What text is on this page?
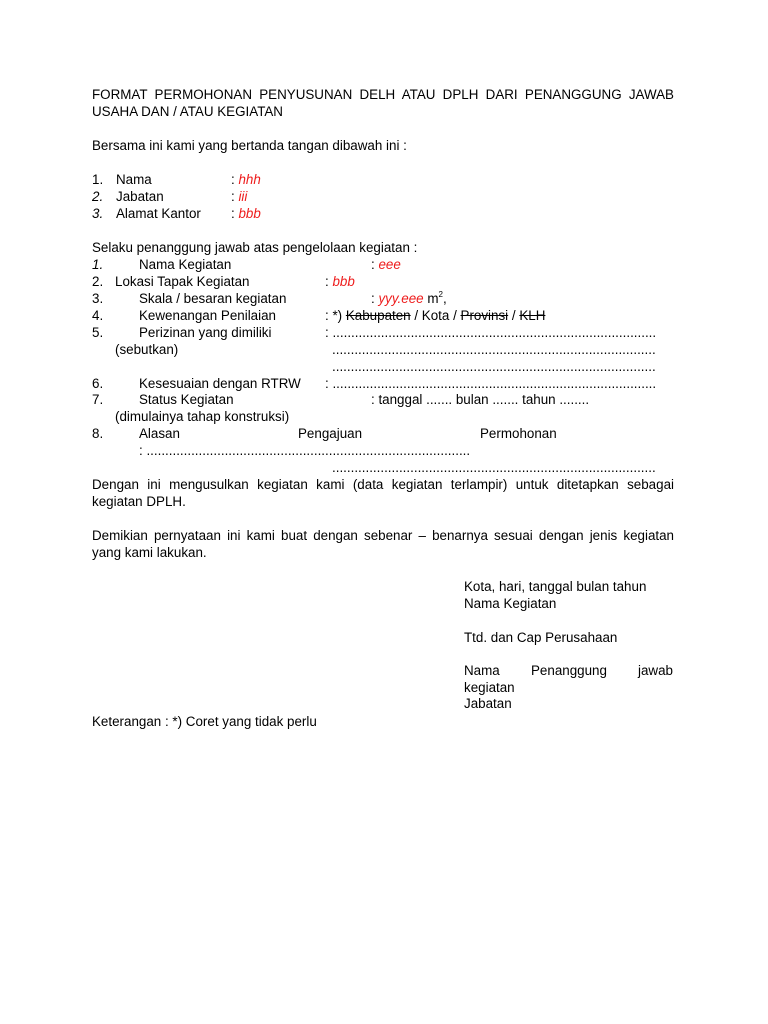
FORMAT PERMOHONAN PENYUSUNAN DELH ATAU DPLH DARI PENANGGUNG JAWAB
USAHA DAN / ATAU KEGIATAN
Bersama ini kami yang bertanda tangan dibawah ini :
1. Nama	: hhh
2. Jabatan	: iii
3. Alamat Kantor : bbb
Selaku penanggung jawab atas pengelolaan kegiatan :
1.	Nama Kegiatan	: eee
2. Lokasi Tapak Kegiatan	: bbb
3.	Skala / besaran kegiatan	: yyy.eee $m^2$,
4.	Kewenangan Penilaian	: *) Kabupaten / Kota / Provinsi / KLH
5.	Perizinan yang dimiliki	: .......................................................................................
(sebutkan)	.......................................................................................
.......................................................................................
6.	Kesesuaian dengan RTRW : .......................................................................................
7.	Status Kegiatan	: tanggal ....... bulan ....... tahun ........
(dimulainya tahap konstruksi)
8.	Alasan	Pengajuan	Permohonan
: .......................................................................................
.......................................................................................
Dengan ini mengusulkan kegiatan kami (data kegiatan terlampir) untuk ditetapkan sebagai
kegiatan DPLH.
Demikian pernyataan ini kami buat dengan sebenar – benarnya sesuai dengan jenis kegiatan
yang kami lakukan.
Kota, hari, tanggal bulan tahun
Nama Kegiatan
Ttd. dan Cap Perusahaan
Nama Penanggung jawab
kegiatan
Jabatan
Keterangan : *) Coret yang tidak perlu
